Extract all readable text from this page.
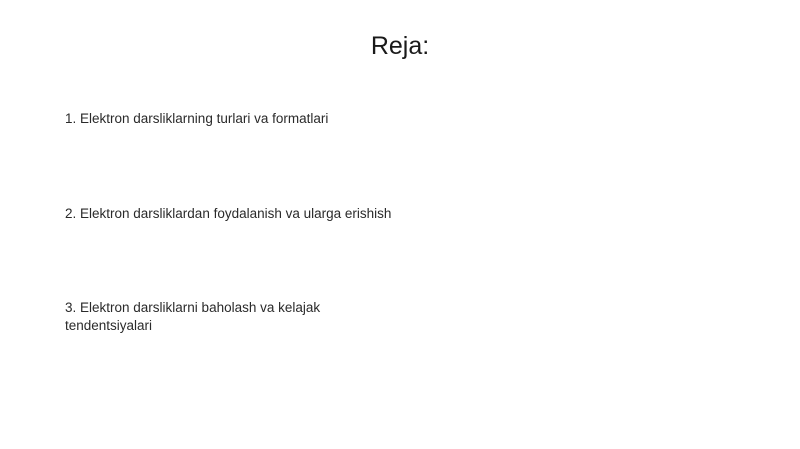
Reja:
1. Elektron darsliklarning turlari va formatlari
2. Elektron darsliklardan foydalanish va ularga erishish
3. Elektron darsliklarni baholash va kelajak tendentsiyalari
